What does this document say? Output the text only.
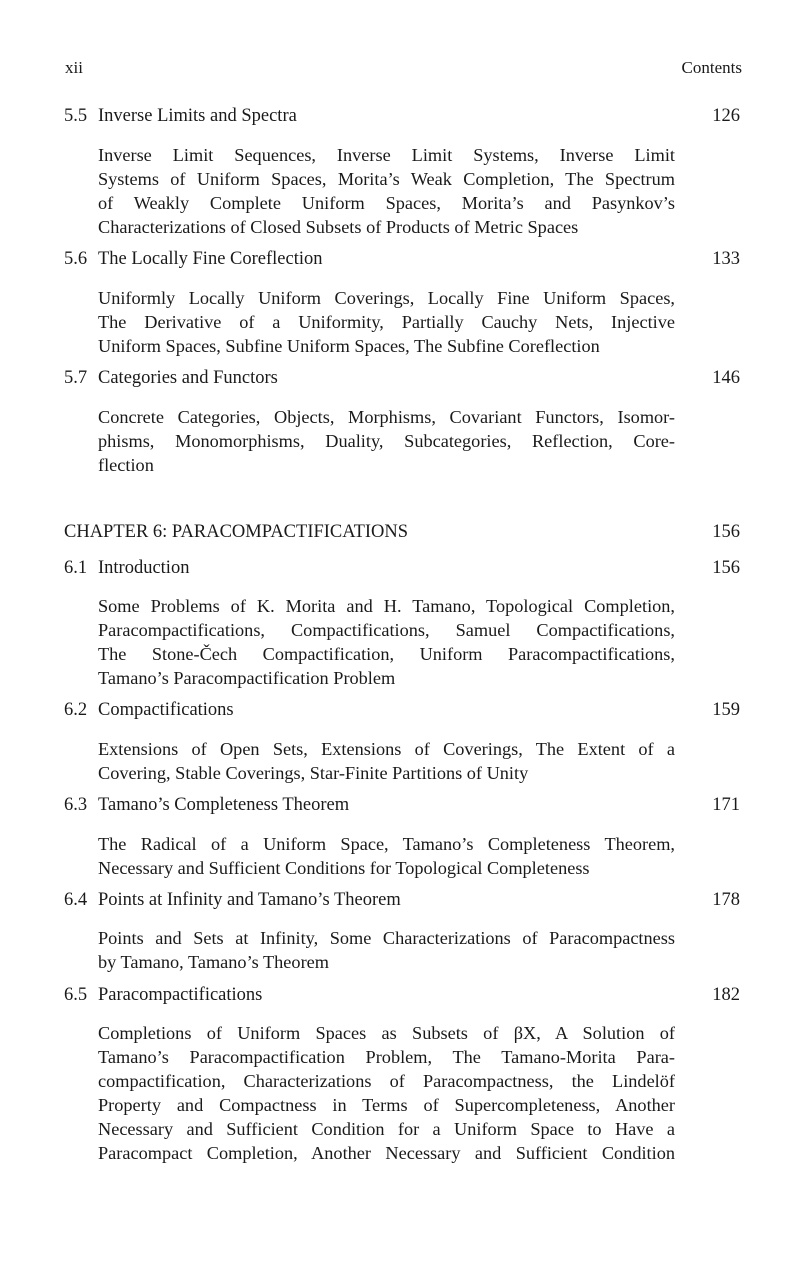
xii	Contents
5.5 Inverse Limits and Spectra	126
Inverse Limit Sequences, Inverse Limit Systems, Inverse Limit
Systems of Uniform Spaces, Morita’s Weak Completion, The Spectrum
of Weakly Complete Uniform Spaces, Morita’s and Pasynkov’s
Characterizations of Closed Subsets of Products of Metric Spaces
5.6 The Locally Fine Coreflection	133
Uniformly Locally Uniform Coverings, Locally Fine Uniform Spaces,
The Derivative of a Uniformity, Partially Cauchy Nets, Injective
Uniform Spaces, Subfine Uniform Spaces, The Subfine Coreflection
5.7 Categories and Functors	146
Concrete Categories, Objects, Morphisms, Covariant Functors, Isomor-
phisms, Monomorphisms, Duality, Subcategories, Reflection, Core-
flection
CHAPTER 6: PARACOMPACTIFICATIONS	156
6.1 Introduction	156
Some Problems of K. Morita and H. Tamano, Topological Completion,
Paracompactifications, Compactifications, Samuel Compactifications,
The Stone-Čech Compactification, Uniform Paracompactifications,
Tamano’s Paracompactification Problem
6.2 Compactifications	159
Extensions of Open Sets, Extensions of Coverings, The Extent of a
Covering, Stable Coverings, Star-Finite Partitions of Unity
6.3 Tamano’s Completeness Theorem	171
The Radical of a Uniform Space, Tamano’s Completeness Theorem,
Necessary and Sufficient Conditions for Topological Completeness
6.4 Points at Infinity and Tamano’s Theorem	178
Points and Sets at Infinity, Some Characterizations of Paracompactness
by Tamano, Tamano’s Theorem
6.5 Paracompactifications	182
Completions of Uniform Spaces as Subsets of βX, A Solution of
Tamano’s Paracompactification Problem, The Tamano-Morita Para-
compactification, Characterizations of Paracompactness, the Lindelöf
Property and Compactness in Terms of Supercompleteness, Another
Necessary and Sufficient Condition for a Uniform Space to Have a
Paracompact Completion, Another Necessary and Sufficient Condition
